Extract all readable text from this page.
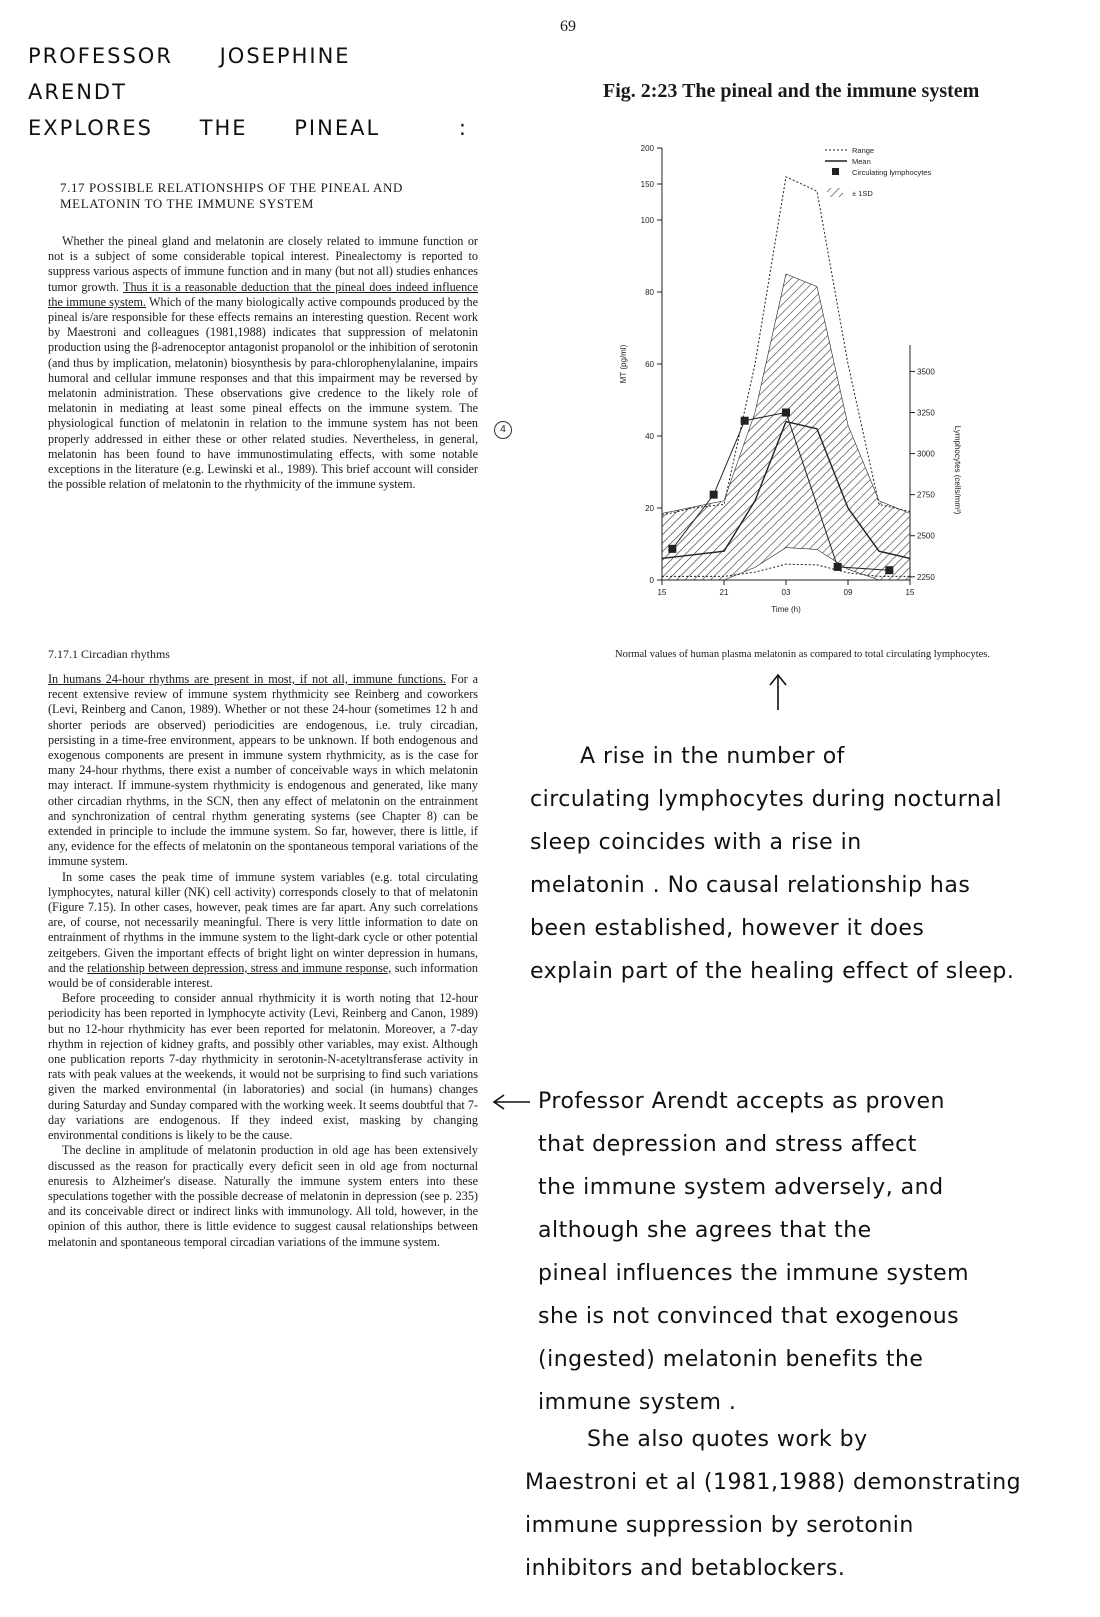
69
PROFESSOR JOSEPHINE ARENDT
EXPLORES THE PINEAL	:
Fig. 2:23 The pineal and the immune system
7.17 POSSIBLE RELATIONSHIPS OF THE PINEAL AND MELATONIN TO THE IMMUNE SYSTEM

Whether the pineal gland and melatonin are closely related to immune function or not is a subject of some considerable topical interest. Pinealectomy is reported to suppress various aspects of immune function and in many (but not all) studies enhances tumor growth. Thus it is a reasonable deduction that the pineal does indeed influence the immune system. Which of the many biologically active compounds produced by the pineal is/are responsible for these effects remains an interesting question. Recent work by Maestroni and colleagues (1981,1988) indicates that suppression of melatonin production using the β-adrenoceptor antagonist propanolol or the inhibition of serotonin (and thus by implication, melatonin) biosynthesis by para-chlorophenylalanine, impairs humoral and cellular immune responses and that this impairment may be reversed by melatonin administration. These observations give credence to the likely role of melatonin in mediating at least some pineal effects on the immune system. The physiological function of melatonin in relation to the immune system has not been properly addressed in either these or other related studies. Nevertheless, in general, melatonin has been found to have immunostimulating effects, with some notable exceptions in the literature (e.g. Lewinski et al., 1989). This brief account will consider the possible relation of melatonin to the rhythmicity of the immune system.

4
7.17.1 Circadian rhythms

In humans 24-hour rhythms are present in most, if not all, immune functions. For a recent extensive review of immune system rhythmicity see Reinberg and coworkers (Levi, Reinberg and Canon, 1989). Whether or not these 24-hour (sometimes 12 h and shorter periods are observed) periodicities are endogenous, i.e. truly circadian, persisting in a time-free environment, appears to be unknown. If both endogenous and exogenous components are present in immune system rhythmicity, as is the case for many 24-hour rhythms, there exist a number of conceivable ways in which melatonin may interact. If immune-system rhythmicity is endogenous and generated, like many other circadian rhythms, in the SCN, then any effect of melatonin on the entrainment and synchronization of central rhythm generating systems (see Chapter 8) can be extended in principle to include the immune system. So far, however, there is little, if any, evidence for the effects of melatonin on the spontaneous temporal variations of the immune system.

In some cases the peak time of immune system variables (e.g. total circulating lymphocytes, natural killer (NK) cell activity) corresponds closely to that of melatonin (Figure 7.15). In other cases, however, peak times are far apart. Any such correlations are, of course, not necessarily meaningful. There is very little information to date on entrainment of rhythms in the immune system to the light-dark cycle or other potential zeitgebers. Given the important effects of bright light on winter depression in humans, and the relationship between depression, stress and immune response, such information would be of considerable interest.

Before proceeding to consider annual rhythmicity it is worth noting that 12-hour periodicity has been reported in lymphocyte activity (Levi, Reinberg and Canon, 1989) but no 12-hour rhythmicity has ever been reported for melatonin. Moreover, a 7-day rhythm in rejection of kidney grafts, and possibly other variables, may exist. Although one publication reports 7-day rhythmicity in serotonin-N-acetyltransferase activity in rats with peak values at the weekends, it would not be surprising to find such variations given the marked environmental (in laboratories) and social (in humans) changes during Saturday and Sunday compared with the working week. It seems doubtful that 7-day variations are endogenous. If they indeed exist, masking by changing environmental conditions is likely to be the cause.

The decline in amplitude of melatonin production in old age has been extensively discussed as the reason for practically every deficit seen in old age from nocturnal enuresis to Alzheimer's disease. Naturally the immune system enters into these speculations together with the possible decrease of melatonin in depression (see p. 235) and its conceivable direct or indirect links with immunology. All told, however, in the opinion of this author, there is little evidence to suggest causal relationships between melatonin and spontaneous temporal circadian variations of the immune system.

0
20
40
60
80
100
150
200
2250
2500
2750
3000
3250
3500
15	21	03	09	15
Time (h)
MT (pg/ml)
Lymphocytes (cells/mm³)
Range
Mean
Circulating lymphocytes
± 1SD
Normal values of human plasma melatonin as compared to total circulating lymphocytes.
A rise in the number of
circulating lymphocytes during nocturnal
sleep coincides with a rise in
melatonin . No causal relationship has
been established, however it does
explain part of the healing effect of sleep.
Professor Arendt accepts as proven
that depression and stress affect
the immune system adversely, and
although she agrees that the
pineal influences the immune system
she is not convinced that exogenous
(ingested) melatonin benefits the
immune system .
She also quotes work by
Maestroni et al (1981,1988) demonstrating
immune suppression by serotonin
inhibitors and betablockers.
